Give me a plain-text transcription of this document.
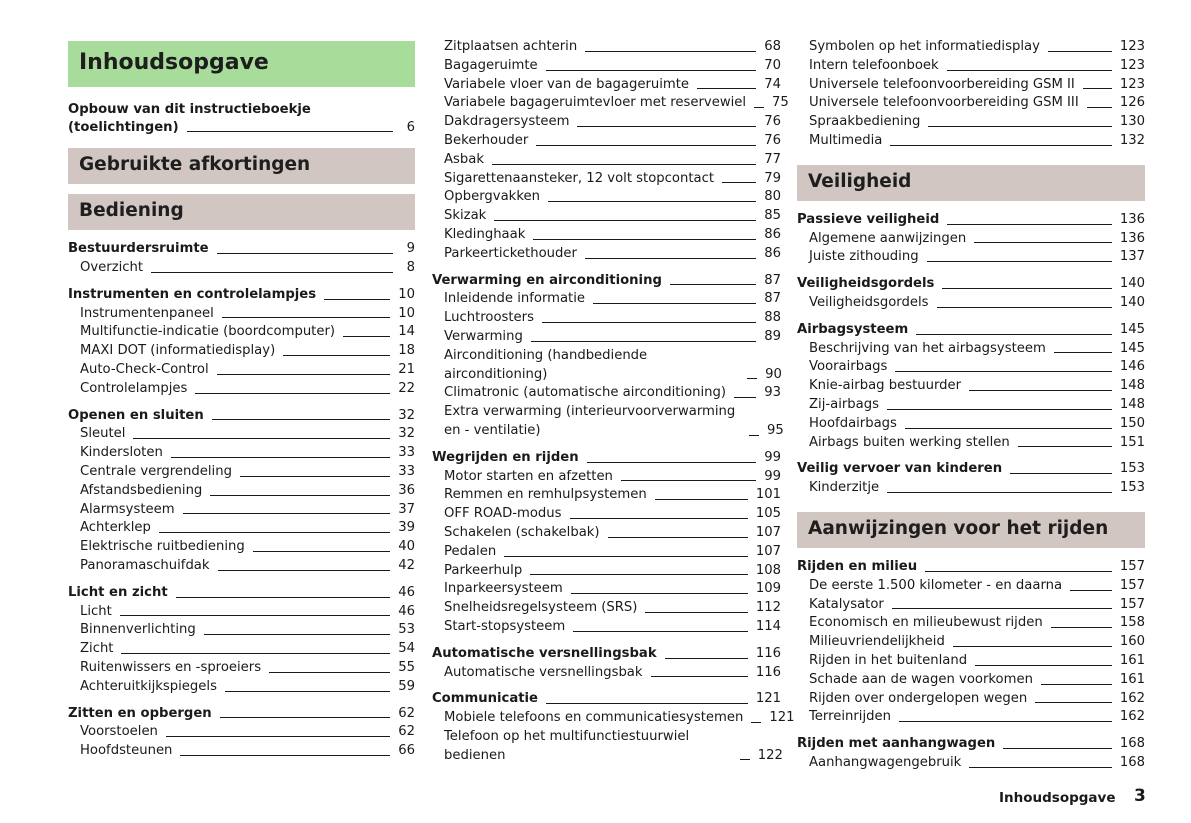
Inhoudsopgave
Opbouw van dit instructieboekje
(toelichtingen)	6
Gebruikte afkortingen
Bediening
Bestuurdersruimte	9
Overzicht	8
Instrumenten en controlelampjes	10
Instrumentenpaneel	10
Multifunctie-indicatie (boordcomputer)	14
MAXI DOT (informatiedisplay)	18
Auto-Check-Control	21
Controlelampjes	22
Openen en sluiten	32
Sleutel	32
Kindersloten	33
Centrale vergrendeling	33
Afstandsbediening	36
Alarmsysteem	37
Achterklep	39
Elektrische ruitbediening	40
Panoramaschuifdak	42
Licht en zicht	46
Licht	46
Binnenverlichting	53
Zicht	54
Ruitenwissers en -sproeiers	55
Achteruitkijkspiegels	59
Zitten en opbergen	62
Voorstoelen	62
Hoofdsteunen	66
Zitplaatsen achterin	68
Bagageruimte	70
Variabele vloer van de bagageruimte	74
Variabele bagageruimtevloer met reservewiel 75
Dakdragersysteem	76
Bekerhouder	76
Asbak	77
Sigarettenaansteker, 12 volt stopcontact	79
Opbergvakken	80
Skizak	85
Kledinghaak	86
Parkeertickethouder	86
Verwarming en airconditioning	87
Inleidende informatie	87
Luchtroosters	88
Verwarming	89
Airconditioning (handbediende airconditioning)	90
Climatronic (automatische airconditioning)	93
Extra verwarming (interieurvoorverwarming en - ventilatie)	95
Wegrijden en rijden	99
Motor starten en afzetten	99
Remmen en remhulpsystemen	101
OFF ROAD-modus	105
Schakelen (schakelbak)	107
Pedalen	107
Parkeerhulp	108
Inparkeersysteem	109
Snelheidsregelsysteem (SRS)	112
Start-stopsysteem	114
Automatische versnellingsbak	116
Automatische versnellingsbak	116
Communicatie	121
Mobiele telefoons en communicatiesystemen 121
Telefoon op het multifunctiestuurwiel bedienen	122
Symbolen op het informatiedisplay	123
Intern telefoonboek	123
Universele telefoonvoorbereiding GSM II	123
Universele telefoonvoorbereiding GSM III	126
Spraakbediening	130
Multimedia	132
Veiligheid
Passieve veiligheid	136
Algemene aanwijzingen	136
Juiste zithouding	137
Veiligheidsgordels	140
Veiligheidsgordels	140
Airbagsysteem	145
Beschrijving van het airbagsysteem	145
Voorairbags	146
Knie-airbag bestuurder	148
Zij-airbags	148
Hoofdairbags	150
Airbags buiten werking stellen	151
Veilig vervoer van kinderen	153
Kinderzitje	153
Aanwijzingen voor het rijden
Rijden en milieu	157
De eerste 1.500 kilometer - en daarna	157
Katalysator	157
Economisch en milieubewust rijden	158
Milieuvriendelijkheid	160
Rijden in het buitenland	161
Schade aan de wagen voorkomen	161
Rijden over ondergelopen wegen	162
Terreinrijden	162
Rijden met aanhangwagen	168
Aanhangwagengebruik	168
Inhoudsopgave 3
